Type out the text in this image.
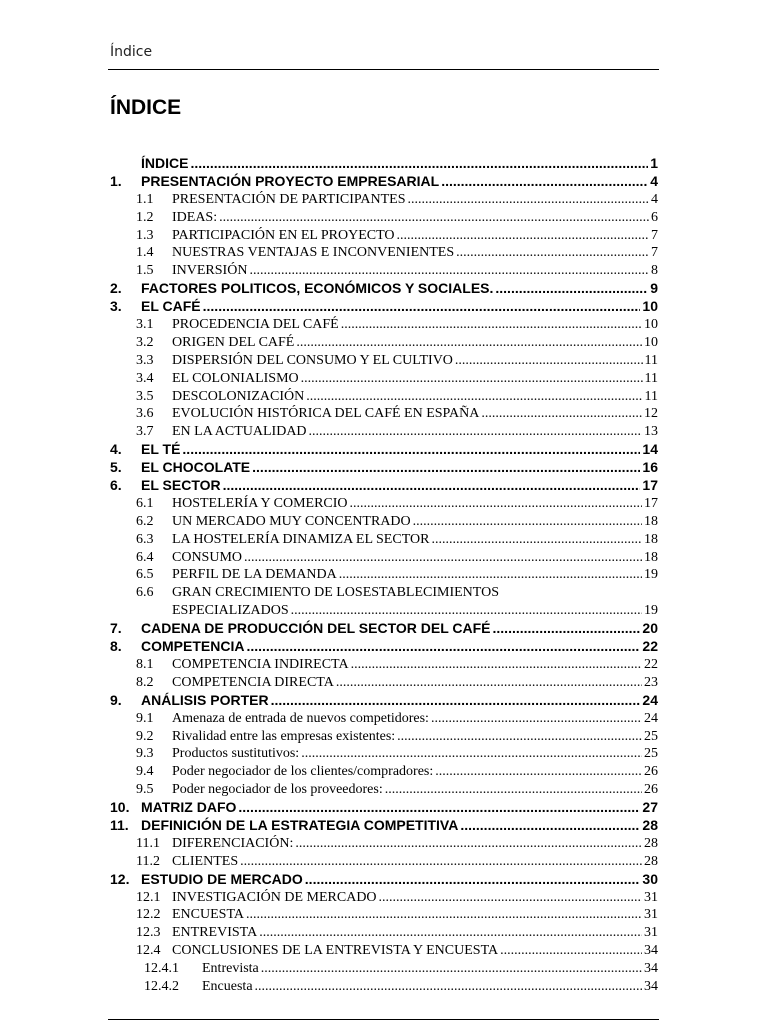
Índice
ÍNDICE
ÍNDICE .....	1
1.	PRESENTACIÓN PROYECTO EMPRESARIAL .....	4
1.1	PRESENTACIÓN DE PARTICIPANTES .....	4
1.2	IDEAS: .....	6
1.3	PARTICIPACIÓN EN EL PROYECTO .....	7
1.4	NUESTRAS VENTAJAS E INCONVENIENTES .....	7
1.5	INVERSIÓN .....	8
2.	FACTORES POLITICOS, ECONÓMICOS Y SOCIALES. .....	9
3.	EL CAFÉ .....	10
3.1	PROCEDENCIA DEL CAFÉ .....	10
3.2	ORIGEN DEL CAFÉ .....	10
3.3	DISPERSIÓN DEL CONSUMO Y EL CULTIVO .....	11
3.4	EL COLONIALISMO .....	11
3.5	DESCOLONIZACIÓN .....	11
3.6	EVOLUCIÓN HISTÓRICA DEL CAFÉ EN ESPAÑA .....	12
3.7	EN LA ACTUALIDAD .....	13
4.	EL TÉ .....	14
5.	EL CHOCOLATE .....	16
6.	EL SECTOR .....	17
6.1	HOSTELERÍA Y COMERCIO .....	17
6.2	UN MERCADO MUY CONCENTRADO .....	18
6.3	LA HOSTELERÍA DINAMIZA EL SECTOR .....	18
6.4	CONSUMO .....	18
6.5	PERFIL DE LA DEMANDA .....	19
6.6	GRAN CRECIMIENTO DE LOSESTABLECIMIENTOS
ESPECIALIZADOS .....	19
7.	CADENA DE PRODUCCIÓN DEL SECTOR DEL CAFÉ .....	20
8.	COMPETENCIA .....	22
8.1	COMPETENCIA INDIRECTA .....	22
8.2	COMPETENCIA DIRECTA .....	23
9.	ANÁLISIS PORTER .....	24
9.1	Amenaza de entrada de nuevos competidores: .....	24
9.2	Rivalidad entre las empresas existentes: .....	25
9.3	Productos sustitutivos: .....	25
9.4	Poder negociador de los clientes/compradores: .....	26
9.5	Poder negociador de los proveedores: .....	26
10. MATRIZ DAFO .....	27
11. DEFINICIÓN DE LA ESTRATEGIA COMPETITIVA .....	28
11.1 DIFERENCIACIÓN: .....	28
11.2 CLIENTES .....	28
12. ESTUDIO DE MERCADO .....	30
12.1 INVESTIGACIÓN DE MERCADO .....	31
12.2 ENCUESTA .....	31
12.3 ENTREVISTA .....	31
12.4 CONCLUSIONES DE LA ENTREVISTA Y ENCUESTA .....	34
12.4.1	Entrevista .....	34
12.4.2	Encuesta .....	34
